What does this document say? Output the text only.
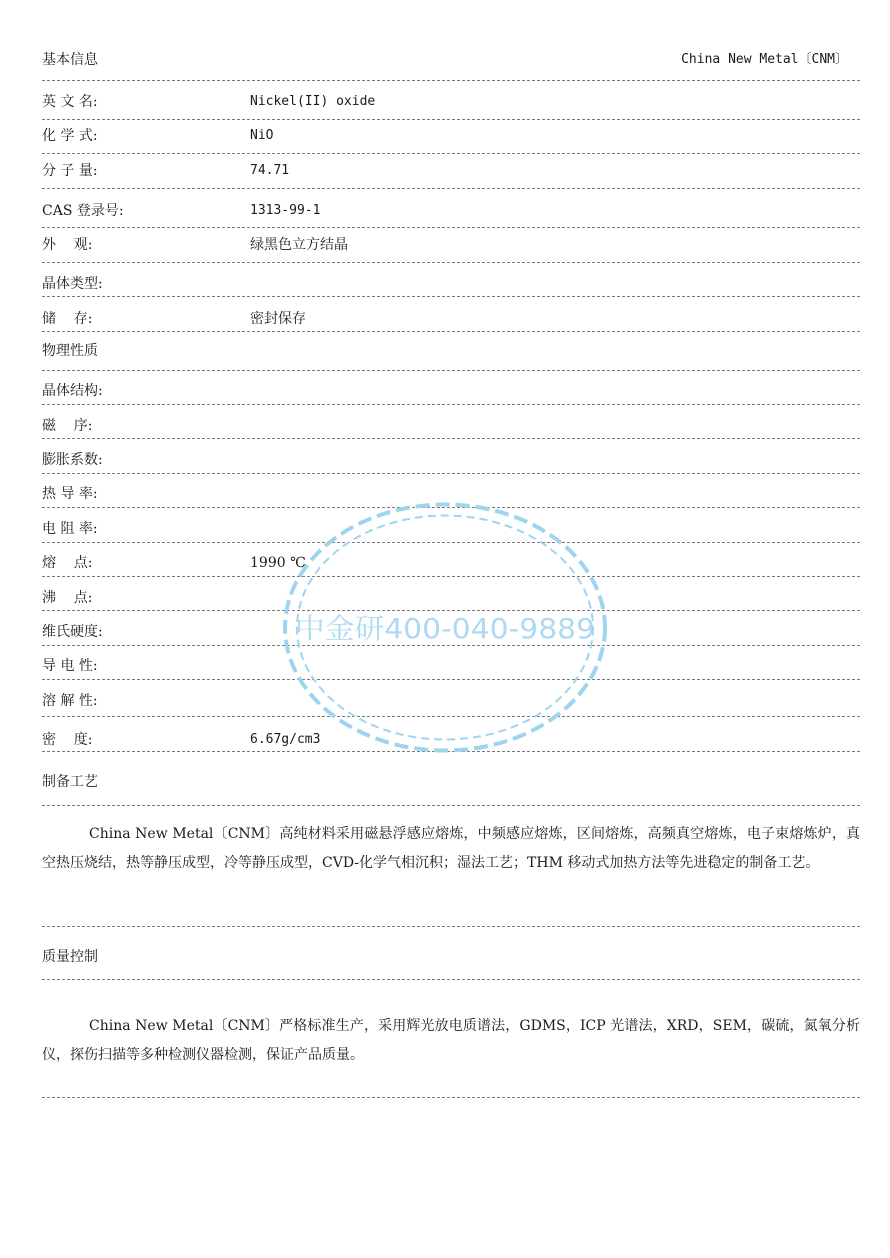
基本信息	China New Metal〔CNM〕
英 文 名:	Nickel(II) oxide
化 学 式:	NiO
分 子 量:	74.71
CAS 登录号:	1313-99-1
外    观:	绿黑色立方结晶
晶体类型:
储    存:	密封保存
物理性质
晶体结构:
磁    序:
膨胀系数:
热 导 率:
电 阻 率:
熔    点:	1990 ℃
沸    点:
维氏硬度:
导 电 性:
溶 解 性:
密    度:	6.67g/cm3
制备工艺
China New Metal〔CNM〕高纯材料采用磁悬浮感应熔炼，中频感应熔炼，区间熔炼，高频真空熔炼，电子束熔炼炉，真空热压烧结，热等静压成型，冷等静压成型，CVD-化学气相沉积；湿法工艺；THM 移动式加热方法等先进稳定的制备工艺。
质量控制
China New Metal〔CNM〕严格标准生产，采用辉光放电质谱法，GDMS，ICP 光谱法，XRD，SEM，碳硫，氮氧分析仪，探伤扫描等多种检测仪器检测，保证产品质量。
中金研400-040-9889
